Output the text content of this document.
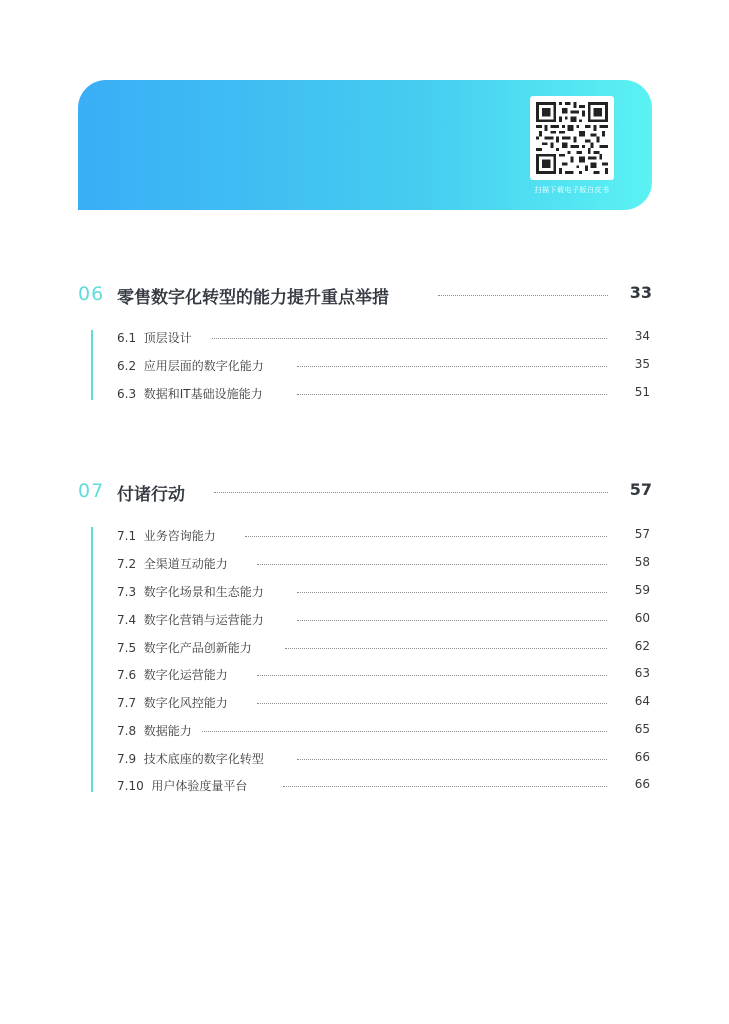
扫描下载电子版白皮书
06 零售数字化转型的能力提升重点举措	33
6.1 顶层设计	34
6.2 应用层面的数字化能力	35
6.3 数据和IT基础设施能力	51
07 付诸行动	57
7.1 业务咨询能力	57
7.2 全渠道互动能力	58
7.3 数字化场景和生态能力	59
7.4 数字化营销与运营能力	60
7.5 数字化产品创新能力	62
7.6 数字化运营能力	63
7.7 数字化风控能力	64
7.8 数据能力	65
7.9 技术底座的数字化转型	66
7.10 用户体验度量平台	66
